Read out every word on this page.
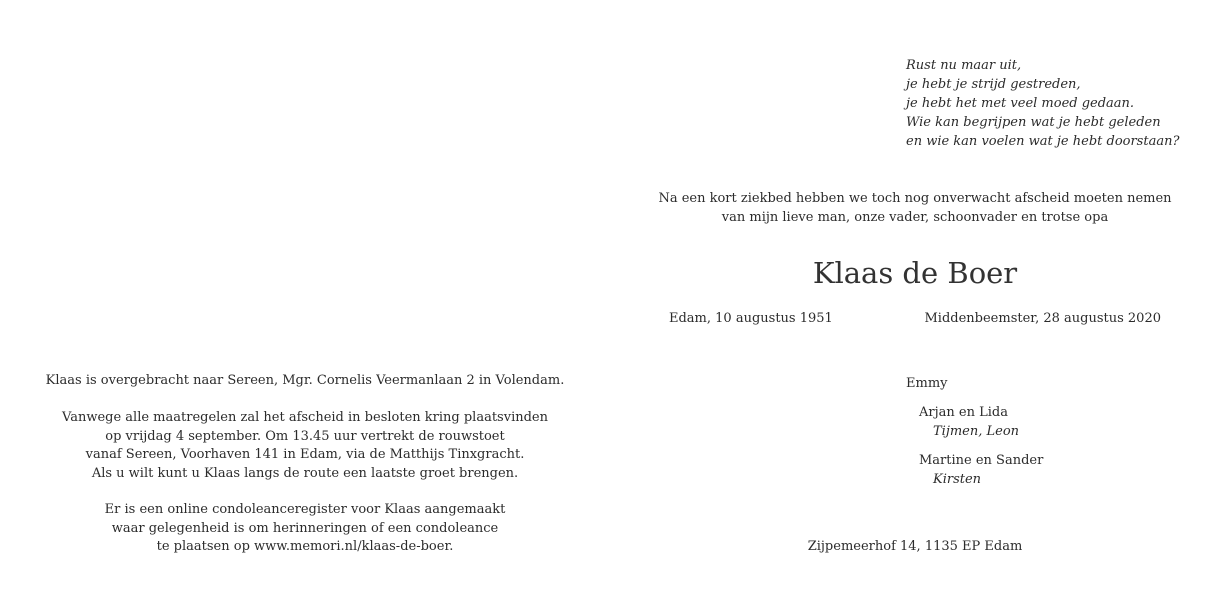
Klaas is overgebracht naar Sereen, Mgr. Cornelis Veermanlaan 2 in Volendam.
Vanwege alle maatregelen zal het afscheid in besloten kring plaatsvinden
op vrijdag 4 september. Om 13.45 uur vertrekt de rouwstoet
vanaf Sereen, Voorhaven 141 in Edam, via de Matthijs Tinxgracht.
Als u wilt kunt u Klaas langs de route een laatste groet brengen.
Er is een online condoleanceregister voor Klaas aangemaakt
waar gelegenheid is om herinneringen of een condoleance
te plaatsen op www.memori.nl/klaas-de-boer.
Rust nu maar uit,
je hebt je strijd gestreden,
je hebt het met veel moed gedaan.
Wie kan begrijpen wat je hebt geleden
en wie kan voelen wat je hebt doorstaan?
Na een kort ziekbed hebben we toch nog onverwacht afscheid moeten nemen
van mijn lieve man, onze vader, schoonvader en trotse opa
Klaas de Boer
Edam, 10 augustus 1951	Middenbeemster, 28 augustus 2020
Emmy
Arjan en Lida
Tijmen, Leon
Martine en Sander
Kirsten
Zijpemeerhof 14, 1135 EP Edam
